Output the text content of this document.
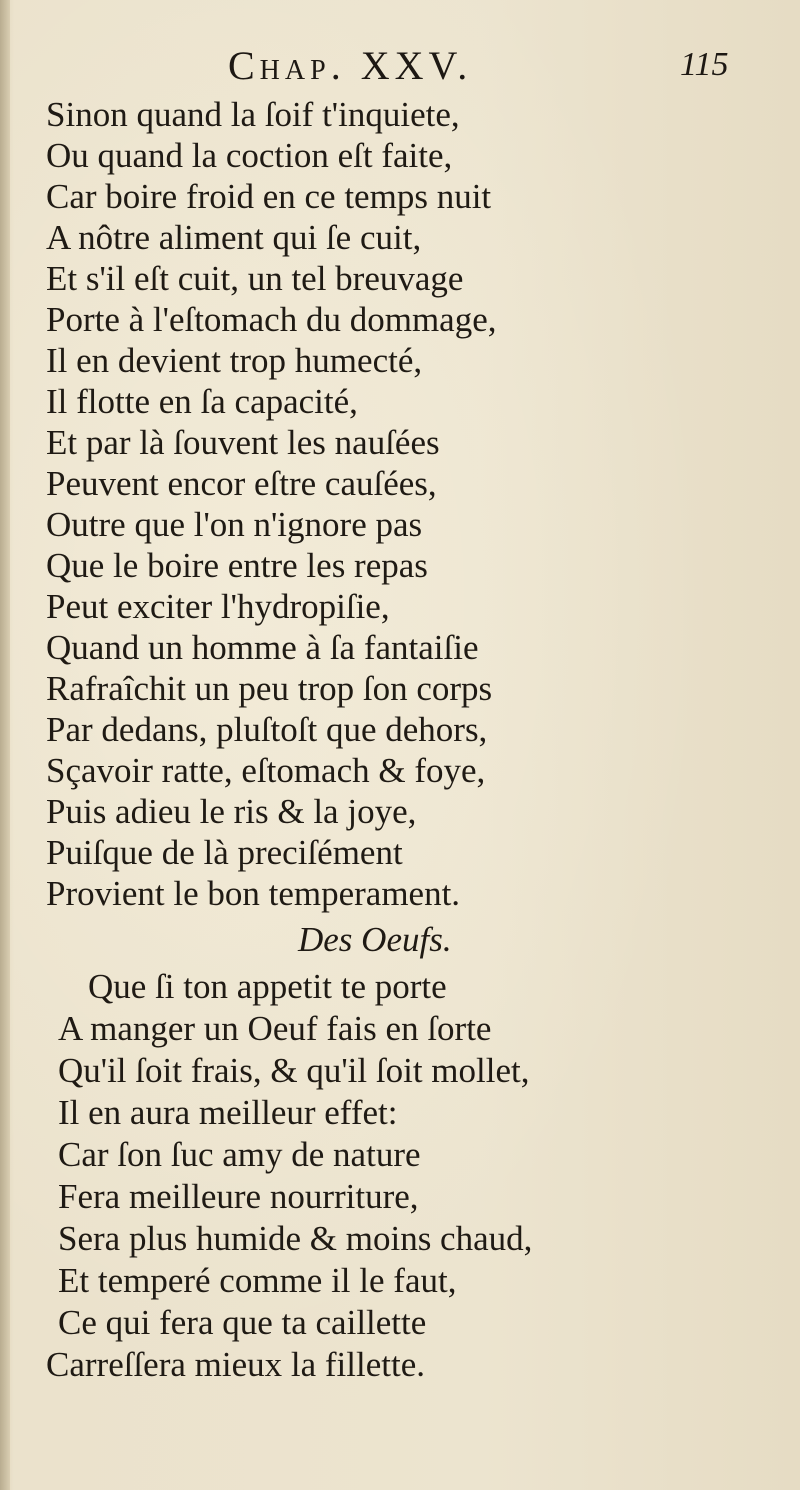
Chap. XXV.	115
Sinon quand la ſoif t'inquiete,
Ou quand la coction eſt faite,
Car boire froid en ce temps nuit
A nôtre aliment qui ſe cuit,
Et s'il eſt cuit, un tel breuvage
Porte à l'eſtomach du dommage,
Il en devient trop humecté,
Il flotte en ſa capacité,
Et par là ſouvent les nauſées
Peuvent encor eſtre cauſées,
Outre que l'on n'ignore pas
Que le boire entre les repas
Peut exciter l'hydropiſie,
Quand un homme à ſa fantaiſie
Rafraîchit un peu trop ſon corps
Par dedans, pluſtoſt que dehors,
Sçavoir ratte, eſtomach & foye,
Puis adieu le ris & la joye,
Puiſque de là preciſément
Provient le bon temperament.
Des Oeufs.
Que ſi ton appetit te porte
A manger un Oeuf fais en ſorte
Qu'il ſoit frais, & qu'il ſoit mollet,
Il en aura meilleur effet:
Car ſon ſuc amy de nature
Fera meilleure nourriture,
Sera plus humide & moins chaud,
Et temperé comme il le faut,
Ce qui fera que ta caillette
Carreſſera mieux la fillette.
